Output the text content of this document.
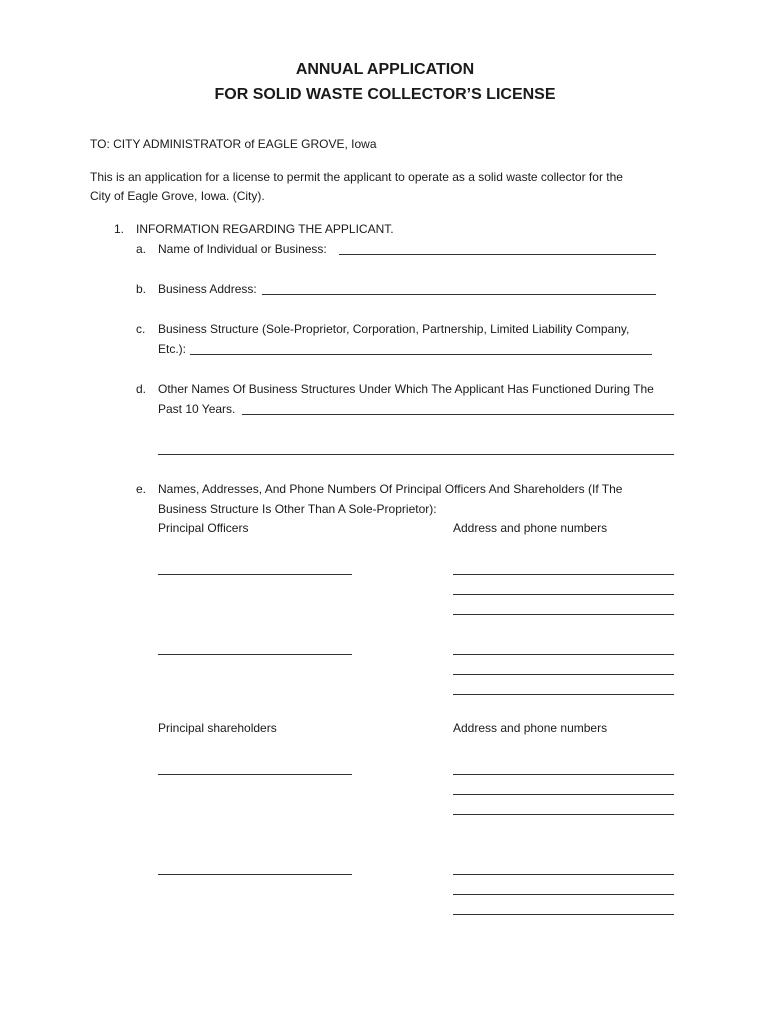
ANNUAL APPLICATION
FOR SOLID WASTE COLLECTOR’S LICENSE
TO: CITY ADMINISTRATOR of EAGLE GROVE, Iowa
This is an application for a license to permit the applicant to operate as a solid waste collector for the
City of Eagle Grove, Iowa. (City).
1. INFORMATION REGARDING THE APPLICANT.
a. Name of Individual or Business:
b. Business Address:
c. Business Structure (Sole-Proprietor, Corporation, Partnership, Limited Liability Company,
Etc.):
d. Other Names Of Business Structures Under Which The Applicant Has Functioned During The
Past 10 Years.
e. Names, Addresses, And Phone Numbers Of Principal Officers And Shareholders (If The
Business Structure Is Other Than A Sole-Proprietor):
Principal Officers	Address and phone numbers
Principal shareholders	Address and phone numbers
